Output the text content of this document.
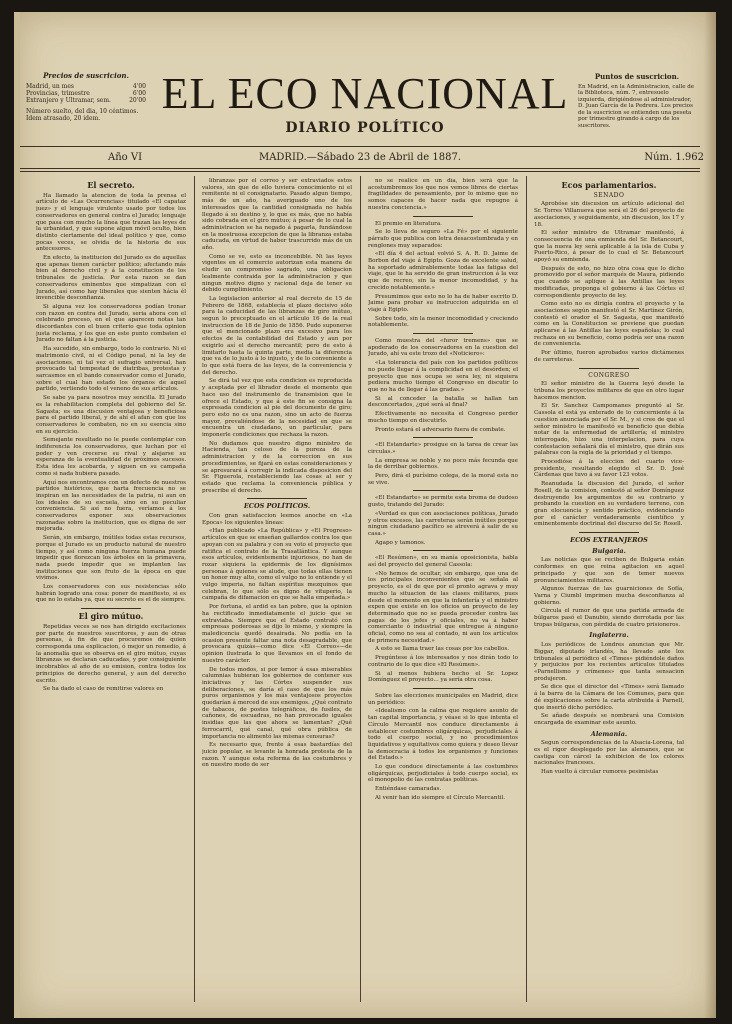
Precios de suscricion.
Madrid, un mes	4'00
Provincias, trimestre	6'00
Extranjero y Ultramar, sem.	20'00
Número suelto, del dia, 10 céntimos. Idem atrasado, 20 idem.
EL ECO NACIONAL
DIARIO POLÍTICO
Puntos de suscricion.
En Madrid, en la Administracion, calle de la Biblioteca, núm. 7, entresuelo izquierda, dirigiéndose al administrador, D. Juan García de la Pedrera. Los precios de la suscricion se entienden una peseta por trimestre girando á cargo de los suscritores.
Año VI	MADRID.—Sábado 23 de Abril de 1887.	Núm. 1.962
El secreto.

Ha llamado la atencion de toda la prensa el artículo de «Las Ocurrencias» titulado «El capataz juez» y el lenguaje virulento usado por todos los conservadores en general contra el Jurado; lenguaje que pasa con mucho la línea que trazan las leyes de la urbanidad, y que supone algun móvil oculto, bien distinto ciertamente del ideal político y que, como pocas veces, se olvida de la historia de sus antecesores.

En efecto, la institucion del Jurado es de aquellas que apenas tienen carácter político; afectando más bien al derecho civil y á la constitucion de los tribunales de justicia. Por esta razon se dan conservadores eminentes que simpatizan con el Jurado, así como hay liberales que sienten hácia él invencible desconfianza.

Si alguna vez los conservadores podían tronar con razon en contra del Jurado, seria ahora con el celebrado proceso, en el que aparecen notas tan discordantes con el buen criterio que toda opinion justa reclama, y los que en este punto combaten el Jurado no faltan á la justicia.

Ha sucedido, sin embargo, todo lo contrario. Ni el matrimonio civil, ni el Código penal, ni la ley de asociaciones, ni tal vez el sufragio universal, han provocado tal tempestad de diatribas, protestas y sarcasmos en el bando conservador como el Jurado, sobre el cual han estado los órganos de aquel partido, vertiendo todo el veneno de sus artículos.

Se sabe ya para nosotros muy sencilla. El Jurado es la rehabilitacion completa del gobierno del Sr. Sagasta; es una discusion ventajosa y beneficiosa para el partido liberal, y de ahí el afan con que los conservadores le combaten, no en su esencia sino en su ejercicio.

Semejante resultado no le puede contemplar con indiferencia los conservadores, que luchan por el poder y ven crecerse su rival y alejarse su esperanza de la eventualidad de próximos sucesos. Esta idea les acobarda, y siguen en su campaña como si nada hubiera pasado.

Aquí nos encontramos con un defecto de nuestros partidos históricos, que harta frecuencia no se inspiran en las necesidades de la patria, ni aun en los ideales de su escuela, sino en su peculiar conveniencia. Si así no fuera, veríamos á los conservadores exponer sus observaciones razonadas sobre la institucion, que es digna de ser mejorada.

Serán, sin embargo, inútiles todas estas recursos, porque el Jurado es un producto natural de nuestro tiempo, y así como ninguna fuerza humana puede impedir que florezcan los árboles en la primavera, nada puede impedir que se implanten las instituciones que son fruto de la época en que vivimos.

Los conservadores con sus resistencias sólo habrán logrado una cosa: poner de manifiesto, si es que no lo estaba ya, que su secreto es el de siempre.

El giro mútuo.

Repetidas veces se nos han dirigido excitaciones por parte de nuestros suscritores, y aun de otras personas, á fin de que procuremos de quien corresponda una explicacion, ó mejor un remedio, á la anomalía que se observa en el giro mútuo, cuyas libranzas se declaran caducadas, y por consiguiente incobrables al año de su emision, contra todos los principios de derecho general, y aun del derecho escrito.

Se ha dado el caso de remitirse valores en

libranzas por el correo y ser extraviados estos valores, sin que de ello tuviera conocimiento ni el remitente ni el consignatario. Pasado algun tiempo, más de un año, ha averiguado uno de los interesados que la cantidad consignada no había llegado á su destino y, lo que es más, que no había sido cobrada en el giro mútuo; á pesar de lo cual la administracion se ha negado á pagarla, fundándose en la mostruosa excepcion de que la libranza estaba caducada, en virtud de haber trascurrido más de un año.

Como se ve, esto es inconcebible. Ni las leyes vigentes en el comercio autorizan esta manera de eludir un compromiso sagrado, una obligacion lealmente contraida por la administracion y que ningun motivo digno y racional deja de tener su debido cumplimiento.

La legislacion anterior al real decreto de 15 de Febrero de 1868, establecía el plazo decisivo sólo para la caducidad de las libranzas de giro mútuo, segun lo preceptuado en el artículo 16 de la real instruccion de 18 de Junio de 1856. Pudo suponerse que el mencionado plazo era excesivo para los efectos de la contabilidad del Estado y aun por exigirlo así el derecho mercantil; pero de esto á limitarlo hasta la quinta parte, media la diferencia que va de lo justo á lo injusto, y de lo conveniente á lo que está fuera de las leyes, de la conveniencia y del derecho.

Se dirá tal vez que esta condicion es reproducida y aceptada por el librador desde el momento que hace uso del instrumento de transmision que le ofrece el Estado, y que á este fin se consigna la expresada condicion al pie del documento de giro; pero esto no es una razon, sino un acto de fuerza mayor, prevaliéndose de la necesidad en que se encuentra un ciudadano, un particular, para imponerle condiciones que rechaza la razon.

No dudamos que nuestro digno ministro de Hacienda, tan celoso de la pureza de la administracion y de la correccion en sus procedimientos, se fijará en estas consideraciones y se apresurará á corregir la indicada disposicion del Sr. Figuerola, restableciendo las cosas al ser y estado que reclama la conveniencia pública y prescribe el derecho.

ECOS POLÍTICOS.

Con gran satisfaccion leemos anoche en «La Epoca» los siguientes líneas:

«Han publicado «La República» y «El Progreso» artículos en que se enseñan gallardos contra los que apoyan con su palabra y con su voto el proyecto que ratifica el contrato de la Trasatlántica. Y aunque esos artículos, evidentemente injuriosos, no han de rozar siquiera la epidermis de los dignísimos personas á quienes se alude, que todas ellas tienen un honor muy alto, como el vulgo no lo entiende y el vulgo imperia, no faltan espíritus mezquinos que celebran, lo que sólo es digno de vituperio, la campaña de difamacion en que se halla empeñada.»

Por fortuna, el ardid es tan pobre, que la opinion ha rectificado inmediatamente el juicio que se extraviaba. Siempre que el Estado contrató con empresas poderosas se dijo lo mismo, y siempre la maledicencia quedó desairada. No podía en la ocasion presente faltar una nota desagradable, que provocara quizás—como dice «El Correo»—de opinion ilustrada lo que llevamos en el fondo de nuestro carácter.

De todos modos, si por temor á esas miserables calumnias hubieran los gobiernos de contener sus iniciativas y las Córtes suspender sus deliberaciones, se daría el caso de que los más puros organismos y los más ventajosos proyectos quedarían á merced de sus enemigos. ¿Qué contrato de tabacos, de postes telegráficos, de fusiles, de cañones, de escuadras, no han provocado iguales insidias que las que ahora se lamentan? ¿Qué ferrocarril, qué canal, qué obra pública de importancia no alimentó las mismas censuras?

Es necesario que, frente á esas bastardías del juicio popular, se levante la honrada protesta de la razon. Y aunque esta reforma de las costumbres y en nuestro modo de ser

no se realice en un día, bien será que la acostumbremos los que nos vemos libres de ciertas fragilidades de pensamiento, por lo mismo que no somos capaces de hacer nada que repugne á nuestra conciencia.»

El premio en literatura.

Se lo lleva de seguro «La Fé» por el siguiente párrafo que publica con letra desacostumbrada y en renglones muy separados:

«El día 4 del actual volvió S. A. R. D. Jaime de Borbon del viaje á Egipto. Goza de excelente salud, ha soportado admirablemente todas las fatigas del viaje, que le ha servido de gran instruccion á la vez que de recreo, sin la menor incomodidad, y ha crecido notablemente.»

Presumimos que esto no lo ha de haber escrito D. Jaime para probar su instruccion adquirida en el viaje á Egipto.

Sobre todo, sin la menor incomodidad y creciendo notablemente.

Como muestra del «furor tremens» que se apoderado de los conservadores en la cuestion del Jurado, ahí va este trozo del «Noticiero»:

«La tolerancia del país con los partidos políticos no puede llegar á la complicidad en el desórden; el proyecto que nos ocupa se sera ley, ni siquiera pediera mucho tiempo el Congreso en discutir lo que no ha de llegar á las gradas.»

Si al conceder la batalla se hallan tan desconcertados, ¿qué será al final?

Efectivamente no necesita el Congreso perder mucho tiempo en discutirlo.

Pronto estará el adversario fuera de combate.

«El Estandarte» prosigue en la tarea de crear las circulas.»

La empresa se noble y no poco más fecunda que la de derribar gobiernos.

Pero, dirá el purísimo colega, de la moral esta no se vive.

«El Estandarte» se permite esta broma de dudoso gusto, tratando del Jurado:

«Verdad es que con asociaciones políticas, Jurado y otros excesos, las carreteras serán inútiles porque ningun ciudadano pacífico se atreverá á salir de su casa.»

Agapo y tamonos.

«El Resúmen», en su manía oposicionista, habla así del proyecto del general Cassola:

«No hemos de ocultar, sin embargo, que una de los principales inconvenientes que se señala al proyecto, es el de que por el pronto agrava y muy mucho la situacion de las clases militares, pues desde el momento en que la infantería y el ministro expen que existe en los oficios un proyecto de ley determinado que no se pueda proceder contra las pagas de los jefes y oficiales, no va á haber comerciante ó industrial que entregue á ninguno oficial, como no sea al contado, ni aun los artículos de primera necesidad.»

A esto se llama traer las cosas por los cabellos.

Pregúntese á los interesados y nos dirán todo lo contrario de lo que dice «El Resúmen».

Si al menos hubiera hecho el Sr. Lopez Domínguez el proyecto... ya sería otra cosa.

Sobre las elecciones municipales en Madrid, dice un periódico:

«Idealismo con la calma que requiere asunto de tan capital importancia, y véase si lo que intenta el Círculo Mercantil nos conduce directamente á establecer costumbres oligárquicas, perjudiciales á todo el cuerpo social, y no procedimientos liquidativos y equitativos como quiera y deseo llevar la democracia á todos los organismos y funciones del Estado.»

Lo que conduce directamente á las costumbres oligárquicas, perjudiciales á todo cuerpo social, es el monopolio de las contratas políticas.

Entiéndase camaradas.

Al venir han ido siempre el Círculo Mercantil.

Ecos parlamentarios.
SENADO

Aprobóse sin discusion un artículo adicional del Sr. Torres Villanueva que será el 26 del proyecto de asociaciones, y seguidamente, sin discusion, los 17 y 18.

El señor ministro de Ultramar manifestó, á consecuencia de una enmienda del Sr. Betancourt, que la nueva ley será aplicable á la isla de Cuba y Puerto-Rico, á pesar de lo cual el Sr. Betancourt apoyó su enmienda.

Después de esto, no hizo otra cosa que lo dicho promovido por el señor marqués de Maura, pidiendo que cuando se aplique á las Antillas las leyes modificadas, proponga el gobierno á las Córtes el correspondiente proyecto de ley.

Como esto no es dirigía contra el proyecto y la asociaciones según manifestó el Sr. Martínez Girón, contestó el orador el Sr. Sagasta, que manifestó como en la Constitucion se previene que puedan aplicarse á las Antillas las leyes españolas; lo cual rechaza en su beneficio, como podría ser una razon de conveniencia.

Por último, fueron aprobados varios dictámenes de carreteras.

CONGRESO

El señor ministro de la Guerra leyó desde la tribuna los proyectos militares de que en otro lugar hacemos mencion.

El Sr. Sanchez Campomanes preguntó al Sr. Cassola el está ya enterado de lo concerniente á la cuestion anunciada por el Sr. M., y si cree de que el señor ministro le manifestó su beneficio que debía notar de la enfermedad de artillería; el ministro interrogado, hizo una interpelacion, para cuya contestacion señalará día el ministro, que dirán sus palabras con la regla de la prioridad y el tiempo.

Procedióse á la eleccion del cuarto vice-presidente, resultando elegido el Sr. D. José Cárdenas que tuvo á su favor 123 votos.

Reanudada la discusion del Jurado, el señor Rosell, de la comision, contestó al señor Domínguez destruyendo los argumentos de su contrario y probando la cuestion en su verdadero terreno, con gran elocuencia y sentido práctico, evidenciando por el carácter verdaderamente científico y eminentemente doctrinal del discurso del Sr. Rosell.

ECOS EXTRANJEROS
Bulgaria.

Las noticias que se reciben de Bulgaria están conformes en que reina agitacion en aquel principado y que son de temer nuevos pronunciamientos militares.

Algunos fuerzas de las guarniciones de Sofía, Varna y Ciumbl imprimen mucha desconfianza al gobierno.

Circula el rumor de que una partida armada de búlgaros pasó el Danubio, siendo derrotada por las tropas búlgaras, con pérdida de cuatro prisioneros.

Inglaterra.

Los periódicos de Londres anuncian que Mr. Biggar, diputado irlandés, ha llevado ante los tribunales al periódico el «Times» pidiéndole daños y perjuicios por los recientes artículos titulados «Parnellismo y crímenes» que tanta sensacion produjeron.

Se dice que el director del «Times» será llamado á la barra de la Cámara de los Comunes, para que dé explicaciones sobre la carta atribuida á Parnell, que insertó dicho periódico.

Se añade después se nombrará una Comision encargada de examinar este asunto.

Alemania.

Segun correspondencias de la Alsacia-Lorena, tal es el rigor desplegado por las alemanes, que se castiga con cárcel la exhibicion de los colores nacionales franceses.

Han vuelto á circular rumores pesimistas
